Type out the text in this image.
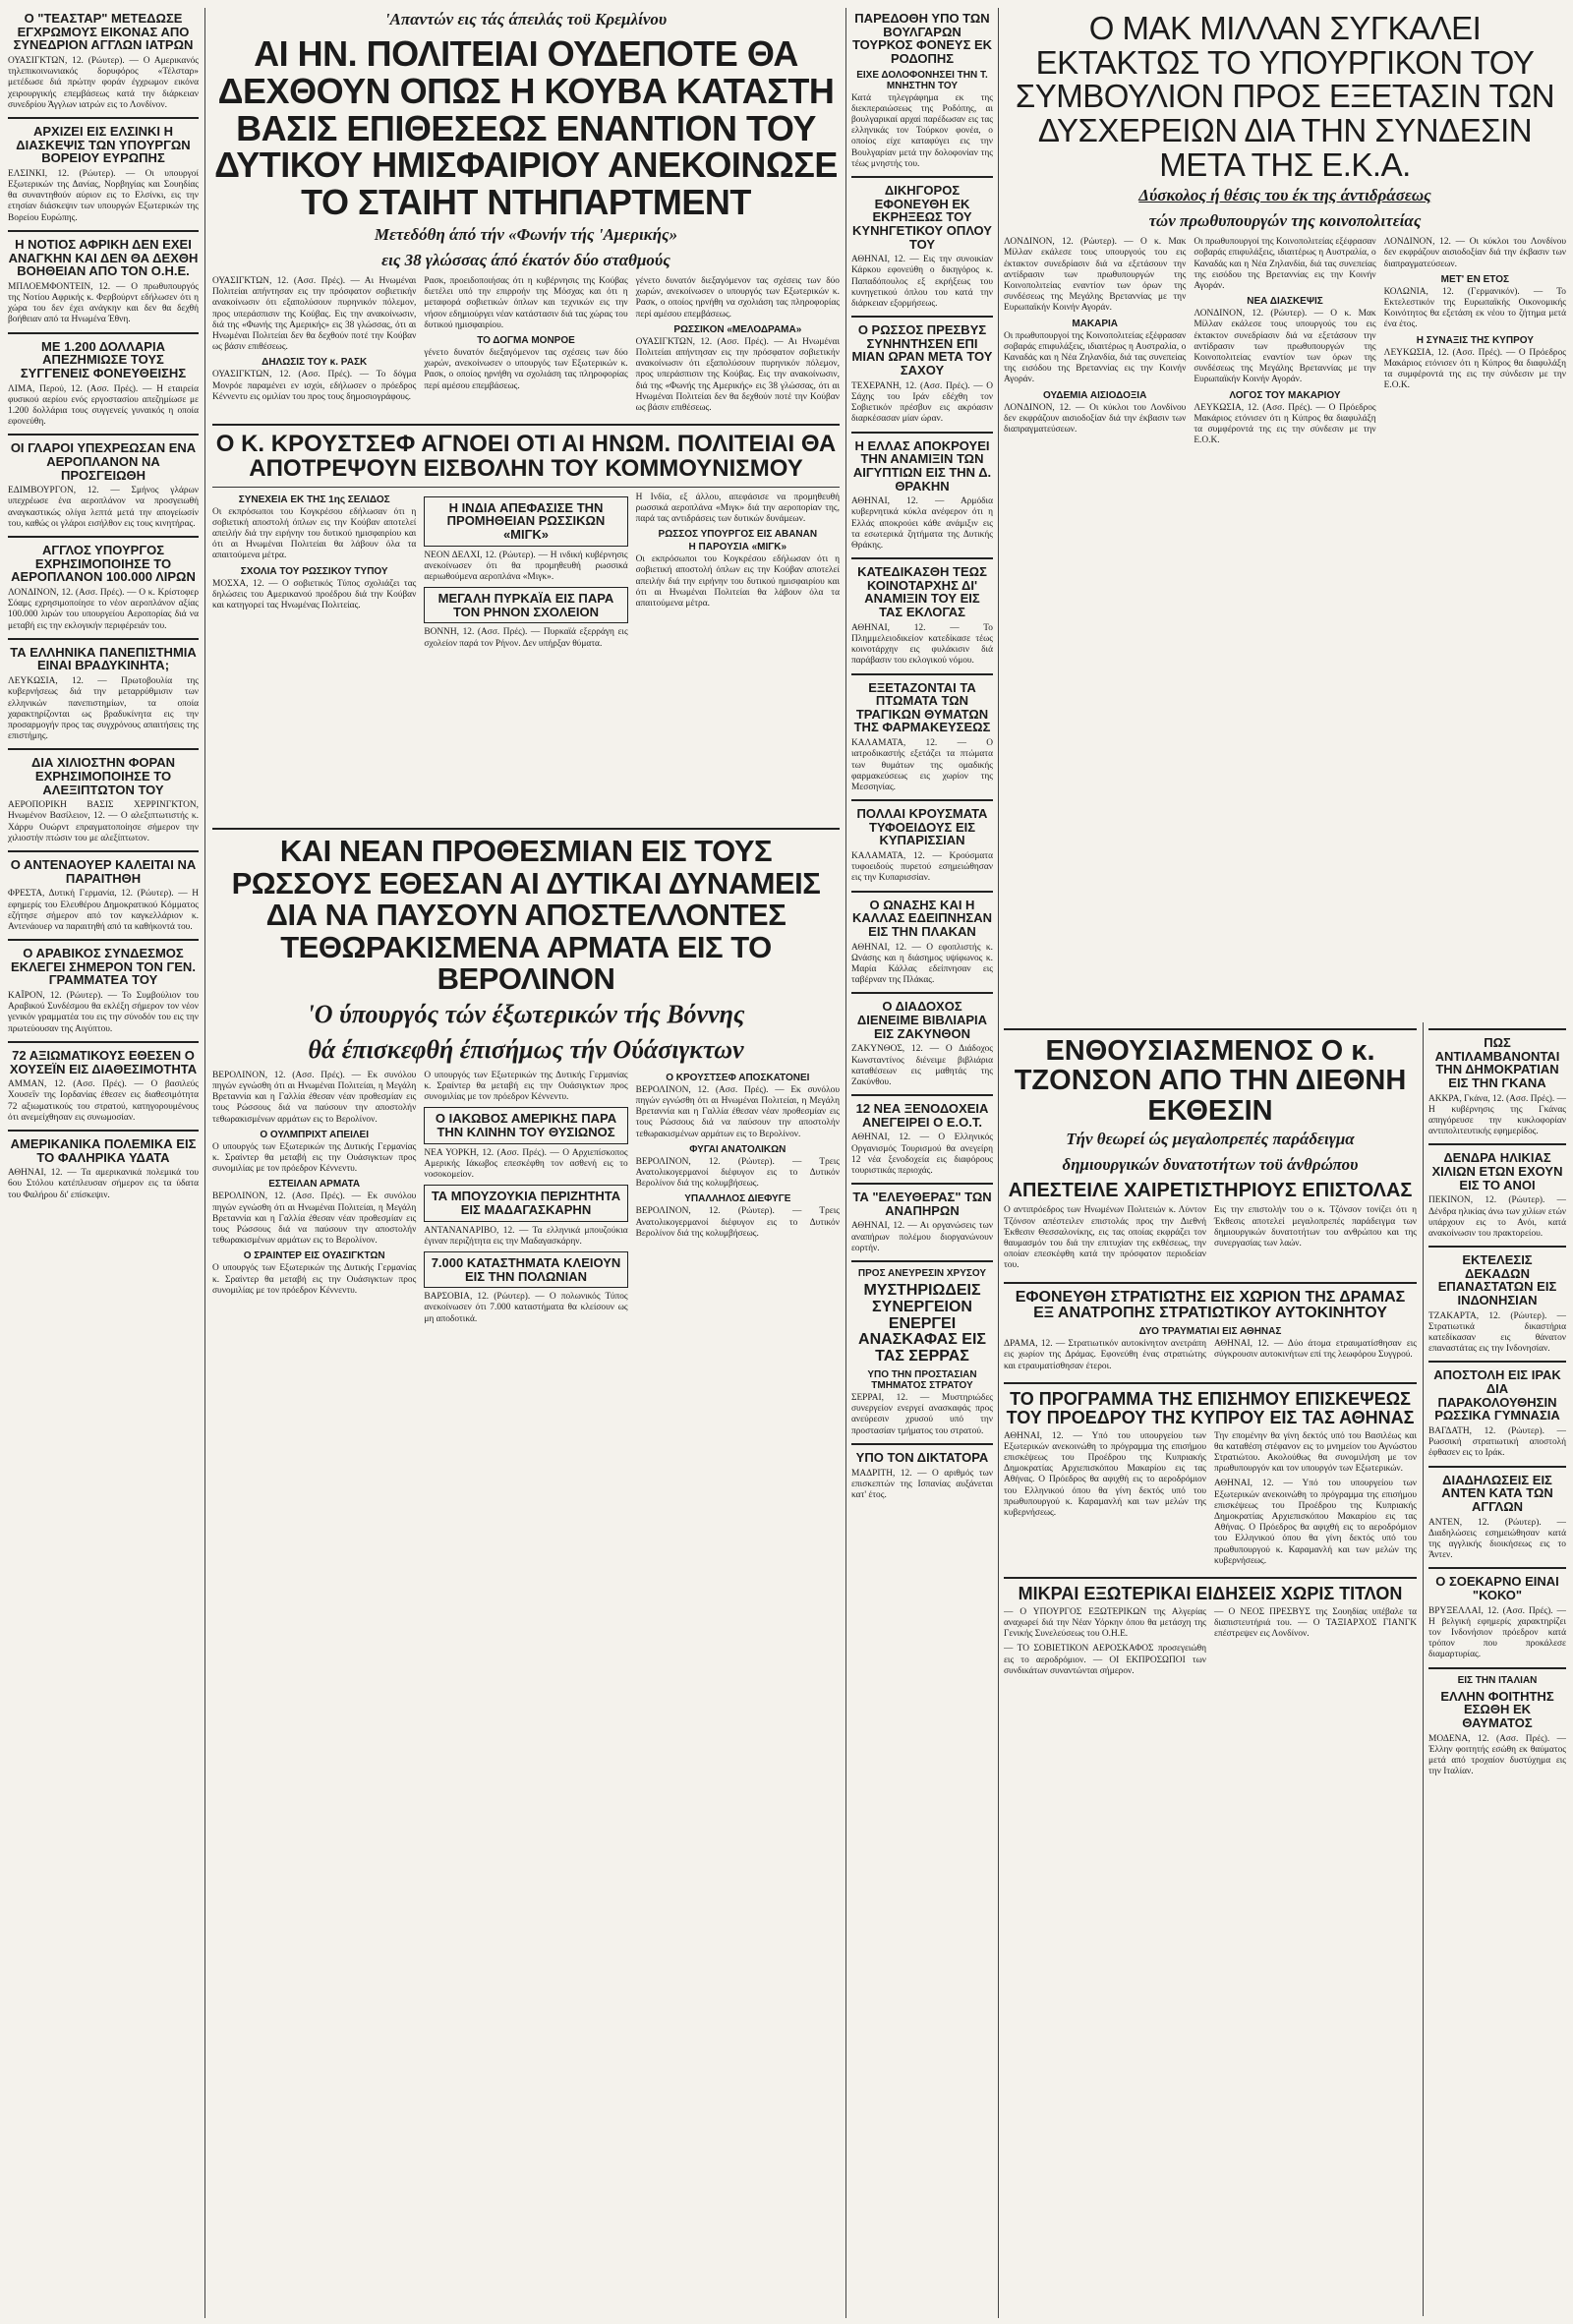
Ο "ΤΕΑΣΤΑΡ" ΜΕΤΕΔΩΣΕ ΕΓΧΡΩΜΟΥΣ ΕΙΚΟΝΑΣ ΑΠΟ ΣΥΝΕΔΡΙΟΝ ΑΓΓΛΩΝ ΙΑΤΡΩΝ

ΟΥΑΣΙΓΚΤΩΝ, 12. (Ρώυτερ). — Ο Αμερικανός τηλεπικοινωνιακός δορυφόρος «Τέλσταρ» μετέδωσε διά πρώτην φοράν έγχρωμον εικόνα χειρουργικής επεμβάσεως κατά την διάρκειαν συνεδρίου Άγγλων ιατρών εις το Λονδίνον.

ΑΡΧΙΖΕΙ ΕΙΣ ΕΛΣΙΝΚΙ Η ΔΙΑΣΚΕΨΙΣ ΤΩΝ ΥΠΟΥΡΓΩΝ ΒΟΡΕΙΟΥ ΕΥΡΩΠΗΣ

ΕΛΣΙΝΚΙ, 12. (Ρώυτερ). — Οι υπουργοί Εξωτερικών της Δανίας, Νορβηγίας και Σουηδίας θα συναντηθούν αύριον εις το Ελσίνκι, εις την ετησίαν διάσκεψιν των υπουργών Εξωτερικών της Βορείου Ευρώπης.

Η ΝΟΤΙΟΣ ΑΦΡΙΚΗ ΔΕΝ ΕΧΕΙ ΑΝΑΓΚΗΝ ΚΑΙ ΔΕΝ ΘΑ ΔΕΧΘΗ ΒΟΗΘΕΙΑΝ ΑΠΟ ΤΟΝ Ο.Η.Ε.

ΜΠΛΟΕΜΦΟΝΤΕΙΝ, 12. — Ο πρωθυπουργός της Νοτίου Αφρικής κ. Φερβούρντ εδήλωσεν ότι η χώρα του δεν έχει ανάγκην και δεν θα δεχθή βοήθειαν από τα Ηνωμένα Έθνη.

ΜΕ 1.200 ΔΟΛΛΑΡΙΑ ΑΠΕΖΗΜΙΩΣΕ ΤΟΥΣ ΣΥΓΓΕΝΕΙΣ ΦΟΝΕΥΘΕΙΣΗΣ

ΛΙΜΑ, Περού, 12. (Ασσ. Πρές). — Η εταιρεία φυσικού αερίου ενός εργοστασίου απεζημίωσε με 1.200 δολλάρια τους συγγενείς γυναικός η οποία εφονεύθη.

ΟΙ ΓΛΑΡΟΙ ΥΠΕΧΡΕΩΣΑΝ ΕΝΑ ΑΕΡΟΠΛΑΝΟΝ ΝΑ ΠΡΟΣΓΕΙΩΘΗ

ΕΔΙΜΒΟΥΡΓΟΝ, 12. — Σμήνος γλάρων υπεχρέωσε ένα αεροπλάνον να προσγειωθή αναγκαστικώς ολίγα λεπτά μετά την απογείωσίν του, καθώς οι γλάροι εισήλθον εις τους κινητήρας.

ΑΓΓΛΟΣ ΥΠΟΥΡΓΟΣ ΕΧΡΗΣΙΜΟΠΟΙΗΣΕ ΤΟ ΑΕΡΟΠΛΑΝΟΝ 100.000 ΛΙΡΩΝ

ΛΟΝΔΙΝΟΝ, 12. (Ασσ. Πρές). — Ο κ. Κρίστοφερ Σόαμς εχρησιμοποίησε το νέον αεροπλάνον αξίας 100.000 λιρών του υπουργείου Αεροπορίας διά να μεταβή εις την εκλογικήν περιφέρειάν του.

ΤΑ ΕΛΛΗΝΙΚΑ ΠΑΝΕΠΙΣΤΗΜΙΑ ΕΙΝΑΙ ΒΡΑΔΥΚΙΝΗΤΑ;

ΛΕΥΚΩΣΙΑ, 12. — Πρωτοβουλία της κυβερνήσεως διά την μεταρρύθμισιν των ελληνικών πανεπιστημίων, τα οποία χαρακτηρίζονται ως βραδυκίνητα εις την προσαρμογήν προς τας συγχρόνους απαιτήσεις της επιστήμης.

ΔΙΑ ΧΙΛΙΟΣΤΗΝ ΦΟΡΑΝ ΕΧΡΗΣΙΜΟΠΟΙΗΣΕ ΤΟ ΑΛΕΞΙΠΤΩΤΟΝ ΤΟΥ

ΑΕΡΟΠΟΡΙΚΗ ΒΑΣΙΣ ΧΕΡΡΙΝΓΚΤΟΝ, Ηνωμένον Βασίλειον, 12. — Ο αλεξιπτωτιστής κ. Χάρρυ Ουώρντ επραγματοποίησε σήμερον την χιλιοστήν πτώσιν του με αλεξίπτωτον.

Ο ΑΝΤΕΝΑΟΥΕΡ ΚΑΛΕΙΤΑΙ ΝΑ ΠΑΡΑΙΤΗΘΗ

ΦΡΕΣΤΑ, Δυτική Γερμανία, 12. (Ρώυτερ). — Η εφημερίς του Ελευθέρου Δημοκρατικού Κόμματος εζήτησε σήμερον από τον καγκελλάριον κ. Αντενάουερ να παραιτηθή από τα καθήκοντά του.

Ο ΑΡΑΒΙΚΟΣ ΣΥΝΔΕΣΜΟΣ ΕΚΛΕΓΕΙ ΣΗΜΕΡΟΝ ΤΟΝ ΓΕΝ. ΓΡΑΜΜΑΤΕΑ ΤΟΥ

ΚΑΪΡΟΝ, 12. (Ρώυτερ). — Το Συμβούλιον του Αραβικού Συνδέσμου θα εκλέξη σήμερον τον νέον γενικόν γραμματέα του εις την σύνοδόν του εις την πρωτεύουσαν της Αιγύπτου.

72 ΑΞΙΩΜΑΤΙΚΟΥΣ ΕΘΕΣΕΝ Ο ΧΟΥΣΕΪΝ ΕΙΣ ΔΙΑΘΕΣΙΜΟΤΗΤΑ

ΑΜΜΑΝ, 12. (Ασσ. Πρές). — Ο βασιλεύς Χουσεΐν της Ιορδανίας έθεσεν εις διαθεσιμότητα 72 αξιωματικούς του στρατού, κατηγορουμένους ότι ανεμείχθησαν εις συνωμοσίαν.

ΑΜΕΡΙΚΑΝΙΚΑ ΠΟΛΕΜΙΚΑ ΕΙΣ ΤΟ ΦΑΛΗΡΙΚΑ ΥΔΑΤΑ

ΑΘΗΝΑΙ, 12. — Τα αμερικανικά πολεμικά του 6ου Στόλου κατέπλευσαν σήμερον εις τα ύδατα του Φαλήρου δι' επίσκεψιν.

'Απαντών εις τάς άπειλάς τοϋ Κρεμλίνου
ΑΙ ΗΝ. ΠΟΛΙΤΕΙΑΙ ΟΥΔΕΠΟΤΕ ΘΑ ΔΕΧΘΟΥΝ ΟΠΩΣ Η ΚΟΥΒΑ ΚΑΤΑΣΤΗ ΒΑΣΙΣ ΕΠΙΘΕΣΕΩΣ ΕΝΑΝΤΙΟΝ ΤΟΥ ΔΥΤΙΚΟΥ ΗΜΙΣΦΑΙΡΙΟΥ ΑΝΕΚΟΙΝΩΣΕ ΤΟ ΣΤΑΙΗΤ ΝΤΗΠΑΡΤΜΕΝΤ
Μετεδόθη άπό τήν «Φωνήν τής 'Αμερικής»
εις 38 γλώσσας άπό έκατόν δύο σταθμούς

ΟΥΑΣΙΓΚΤΩΝ, 12. (Ασσ. Πρές). — Αι Ηνωμέναι Πολιτείαι απήντησαν εις την πρόσφατον σοβιετικήν ανακοίνωσιν ότι εξαπολύσουν πυρηνικόν πόλεμον, προς υπεράσπισιν της Κούβας. Εις την ανακοίνωσιν, διά της «Φωνής της Αμερικής» εις 38 γλώσσας, ότι αι Ηνωμέναι Πολιτείαι δεν θα δεχθούν ποτέ την Κούβαν ως βάσιν επιθέσεως.

ΔΗΛΩΣΙΣ ΤΟΥ κ. ΡΑΣΚ

ΟΥΑΣΙΓΚΤΩΝ, 12. (Ασσ. Πρές). — Το δόγμα Μονρόε παραμένει εν ισχύι, εδήλωσεν ο πρόεδρος Κέννεντυ εις ομιλίαν του προς τους δημοσιογράφους.

Ρασκ, προειδοποιήσας ότι η κυβέρνησις της Κούβας διετέλει υπό την επιρροήν της Μόσχας και ότι η μεταφορά σοβιετικών όπλων και τεχνικών εις την νήσον εδημιούργει νέαν κατάστασιν διά τας χώρας του δυτικού ημισφαιρίου.

ΤΟ ΔΟΓΜΑ ΜΟΝΡΟΕ

γένετο δυνατόν διεξαγόμενον τας σχέσεις των δύο χωρών, ανεκοίνωσεν ο υπουργός των Εξωτερικών κ. Ρασκ, ο οποίος ηρνήθη να σχολιάση τας πληροφορίας περί αμέσου επεμβάσεως.

γένετο δυνατόν διεξαγόμενον τας σχέσεις των δύο χωρών, ανεκοίνωσεν ο υπουργός των Εξωτερικών κ. Ρασκ, ο οποίος ηρνήθη να σχολιάση τας πληροφορίας περί αμέσου επεμβάσεως.

ΡΩΣΣΙΚΟΝ «ΜΕΛΟΔΡΑΜΑ»

ΟΥΑΣΙΓΚΤΩΝ, 12. (Ασσ. Πρές). — Αι Ηνωμέναι Πολιτείαι απήντησαν εις την πρόσφατον σοβιετικήν ανακοίνωσιν ότι εξαπολύσουν πυρηνικόν πόλεμον, προς υπεράσπισιν της Κούβας. Εις την ανακοίνωσιν, διά της «Φωνής της Αμερικής» εις 38 γλώσσας, ότι αι Ηνωμέναι Πολιτείαι δεν θα δεχθούν ποτέ την Κούβαν ως βάσιν επιθέσεως.

Ο Κ. ΚΡΟΥΣΤΣΕΦ ΑΓΝΟΕΙ ΟΤΙ ΑΙ ΗΝΩΜ. ΠΟΛΙΤΕΙΑΙ ΘΑ ΑΠΟΤΡΕΨΟΥΝ ΕΙΣΒΟΛΗΝ ΤΟΥ ΚΟΜΜΟΥΝΙΣΜΟΥ
ΣΥΝΕΧΕΙΑ ΕΚ ΤΗΣ 1ης ΣΕΛΙΔΟΣ

Οι εκπρόσωποι του Κογκρέσου εδήλωσαν ότι η σοβιετική αποστολή όπλων εις την Κούβαν αποτελεί απειλήν διά την ειρήνην του δυτικού ημισφαιρίου και ότι αι Ηνωμέναι Πολιτείαι θα λάβουν όλα τα απαιτούμενα μέτρα.

ΣΧΟΛΙΑ ΤΟΥ ΡΩΣΣΙΚΟΥ ΤΥΠΟΥ

ΜΟΣΧΑ, 12. — Ο σοβιετικός Τύπος σχολιάζει τας δηλώσεις του Αμερικανού προέδρου διά την Κούβαν και κατηγορεί τας Ηνωμένας Πολιτείας.

Η ΙΝΔΙΑ ΑΠΕΦΑΣΙΣΕ ΤΗΝ ΠΡΟΜΗΘΕΙΑΝ ΡΩΣΣΙΚΩΝ «ΜΙΓΚ»

ΝΕΟΝ ΔΕΛΧΙ, 12. (Ρώυτερ). — Η ινδική κυβέρνησις ανεκοίνωσεν ότι θα προμηθευθή ρωσσικά αεριωθούμενα αεροπλάνα «Μιγκ».

ΜΕΓΑΛΗ ΠΥΡΚΑΪΑ ΕΙΣ ΠΑΡΑ ΤΟΝ ΡΗΝΟΝ ΣΧΟΛΕΙΟΝ

ΒΟΝΝΗ, 12. (Ασσ. Πρές). — Πυρκαϊά εξερράγη εις σχολείον παρά τον Ρήνον. Δεν υπήρξαν θύματα.

Η Ινδία, εξ άλλου, απεφάσισε να προμηθευθή ρωσσικά αεροπλάνα «Μιγκ» διά την αεροπορίαν της, παρά τας αντιδράσεις των δυτικών δυνάμεων.

ΡΩΣΣΟΣ ΥΠΟΥΡΓΟΣ ΕΙΣ ΑΒΑΝΑΝ
Η ΠΑΡΟΥΣΙΑ «ΜΙΓΚ»

Οι εκπρόσωποι του Κογκρέσου εδήλωσαν ότι η σοβιετική αποστολή όπλων εις την Κούβαν αποτελεί απειλήν διά την ειρήνην του δυτικού ημισφαιρίου και ότι αι Ηνωμέναι Πολιτείαι θα λάβουν όλα τα απαιτούμενα μέτρα.

ΚΑΙ ΝΕΑΝ ΠΡΟΘΕΣΜΙΑΝ ΕΙΣ ΤΟΥΣ ΡΩΣΣΟΥΣ ΕΘΕΣΑΝ ΑΙ ΔΥΤΙΚΑΙ ΔΥΝΑΜΕΙΣ ΔΙΑ ΝΑ ΠΑΥΣΟΥΝ ΑΠΟΣΤΕΛΛΟΝΤΕΣ ΤΕΘΩΡΑΚΙΣΜΕΝΑ ΑΡΜΑΤΑ ΕΙΣ ΤΟ ΒΕΡΟΛΙΝΟΝ
'Ο ύπουργός τών έξωτερικών τής Βόννης
θά έπισκεφθή έπισήμως τήν Ούάσιγκτων

ΒΕΡΟΛΙΝΟΝ, 12. (Ασσ. Πρές). — Εκ συνόλου πηγών εγνώσθη ότι αι Ηνωμέναι Πολιτείαι, η Μεγάλη Βρεταννία και η Γαλλία έθεσαν νέαν προθεσμίαν εις τους Ρώσσους διά να παύσουν την αποστολήν τεθωρακισμένων αρμάτων εις το Βερολίνον.

Ο ΟΥΛΜΠΡΙΧΤ ΑΠΕΙΛΕΙ

Ο υπουργός των Εξωτερικών της Δυτικής Γερμανίας κ. Σραίντερ θα μεταβή εις την Ουάσιγκτων προς συνομιλίας με τον πρόεδρον Κέννεντυ.

ΕΣΤΕΙΛΑΝ ΑΡΜΑΤΑ

ΒΕΡΟΛΙΝΟΝ, 12. (Ασσ. Πρές). — Εκ συνόλου πηγών εγνώσθη ότι αι Ηνωμέναι Πολιτείαι, η Μεγάλη Βρεταννία και η Γαλλία έθεσαν νέαν προθεσμίαν εις τους Ρώσσους διά να παύσουν την αποστολήν τεθωρακισμένων αρμάτων εις το Βερολίνον.

Ο ΣΡΑΙΝΤΕΡ ΕΙΣ ΟΥΑΣΙΓΚΤΩΝ

Ο υπουργός των Εξωτερικών της Δυτικής Γερμανίας κ. Σραίντερ θα μεταβή εις την Ουάσιγκτων προς συνομιλίας με τον πρόεδρον Κέννεντυ.

Ο υπουργός των Εξωτερικών της Δυτικής Γερμανίας κ. Σραίντερ θα μεταβή εις την Ουάσιγκτων προς συνομιλίας με τον πρόεδρον Κέννεντυ.

Ο ΙΑΚΩΒΟΣ ΑΜΕΡΙΚΗΣ ΠΑΡΑ ΤΗΝ ΚΛΙΝΗΝ ΤΟΥ ΘΥΣΙΩΝΟΣ

ΝΕΑ ΥΟΡΚΗ, 12. (Ασσ. Πρές). — Ο Αρχιεπίσκοπος Αμερικής Ιάκωβος επεσκέφθη τον ασθενή εις το νοσοκομείον.

ΤΑ ΜΠΟΥΖΟΥΚΙΑ ΠΕΡΙΖΗΤΗΤΑ ΕΙΣ ΜΑΔΑΓΑΣΚΑΡΗΝ

ΑΝΤΑΝΑΝΑΡΙΒΟ, 12. — Τα ελληνικά μπουζούκια έγιναν περιζήτητα εις την Μαδαγασκάρην.

7.000 ΚΑΤΑΣΤΗΜΑΤΑ ΚΛΕΙΟΥΝ ΕΙΣ ΤΗΝ ΠΟΛΩΝΙΑΝ

ΒΑΡΣΟΒΙΑ, 12. (Ρώυτερ). — Ο πολωνικός Τύπος ανεκοίνωσεν ότι 7.000 καταστήματα θα κλείσουν ως μη αποδοτικά.

Ο ΚΡΟΥΣΤΣΕΦ ΑΠΟΣΚΑΤΟΝΕΙ

ΒΕΡΟΛΙΝΟΝ, 12. (Ασσ. Πρές). — Εκ συνόλου πηγών εγνώσθη ότι αι Ηνωμέναι Πολιτείαι, η Μεγάλη Βρεταννία και η Γαλλία έθεσαν νέαν προθεσμίαν εις τους Ρώσσους διά να παύσουν την αποστολήν τεθωρακισμένων αρμάτων εις το Βερολίνον.

ΦΥΓΑΙ ΑΝΑΤΟΛΙΚΩΝ

ΒΕΡΟΛΙΝΟΝ, 12. (Ρώυτερ). — Τρεις Ανατολικογερμανοί διέφυγον εις το Δυτικόν Βερολίνον διά της κολυμβήσεως.

ΥΠΑΛΛΗΛΟΣ ΔΙΕΦΥΓΕ

ΒΕΡΟΛΙΝΟΝ, 12. (Ρώυτερ). — Τρεις Ανατολικογερμανοί διέφυγον εις το Δυτικόν Βερολίνον διά της κολυμβήσεως.

ΠΑΡΕΔΟΘΗ ΥΠΟ ΤΩΝ ΒΟΥΛΓΑΡΩΝ ΤΟΥΡΚΟΣ ΦΟΝΕΥΣ ΕΚ ΡΟΔΟΠΗΣ
ΕΙΧΕ ΔΟΛΟΦΟΝΗΣΕΙ ΤΗΝ Τ. ΜΝΗΣΤΗΝ ΤΟΥ

Κατά τηλεγράφημα εκ της διεκπεραιώσεως της Ροδόπης, αι βουλγαρικαί αρχαί παρέδωσαν εις τας ελληνικάς τον Τούρκον φονέα, ο οποίος είχε καταφύγει εις την Βουλγαρίαν μετά την δολοφονίαν της τέως μνηστής του.

ΔΙΚΗΓΟΡΟΣ ΕΦΟΝΕΥΘΗ ΕΚ ΕΚΡΗΞΕΩΣ ΤΟΥ ΚΥΝΗΓΕΤΙΚΟΥ ΟΠΛΟΥ ΤΟΥ

ΑΘΗΝΑΙ, 12. — Εις την συνοικίαν Κάρκου εφονεύθη ο δικηγόρος κ. Παπαδόπουλος εξ εκρήξεως του κυνηγετικού όπλου του κατά την διάρκειαν εξορμήσεως.

Ο ΡΩΣΣΟΣ ΠΡΕΣΒΥΣ ΣΥΝΗΝΤΗΣΕΝ ΕΠΙ ΜΙΑΝ ΩΡΑΝ ΜΕΤΑ ΤΟΥ ΣΑΧΟΥ

ΤΕΧΕΡΑΝΗ, 12. (Ασσ. Πρές). — Ο Σάχης του Ιράν εδέχθη τον Σοβιετικόν πρέσβυν εις ακρόασιν διαρκέσασαν μίαν ώραν.

Η ΕΛΛΑΣ ΑΠΟΚΡΟΥΕΙ ΤΗΝ ΑΝΑΜΙΞΙΝ ΤΩΝ ΑΙΓΥΠΤΙΩΝ ΕΙΣ ΤΗΝ Δ. ΘΡΑΚΗΝ

ΑΘΗΝΑΙ, 12. — Αρμόδια κυβερνητικά κύκλα ανέφερον ότι η Ελλάς αποκρούει κάθε ανάμιξιν εις τα εσωτερικά ζητήματα της Δυτικής Θράκης.

ΚΑΤΕΔΙΚΑΣΘΗ ΤΕΩΣ ΚΟΙΝΟΤΑΡΧΗΣ ΔΙ' ΑΝΑΜΙΞΙΝ ΤΟΥ ΕΙΣ ΤΑΣ ΕΚΛΟΓΑΣ

ΑΘΗΝΑΙ, 12. — Το Πλημμελειοδικείον κατεδίκασε τέως κοινοτάρχην εις φυλάκισιν διά παράβασιν του εκλογικού νόμου.

ΕΞΕΤΑΖΟΝΤΑΙ ΤΑ ΠΤΩΜΑΤΑ ΤΩΝ ΤΡΑΓΙΚΩΝ ΘΥΜΑΤΩΝ ΤΗΣ ΦΑΡΜΑΚΕΥΣΕΩΣ

ΚΑΛΑΜΑΤΑ, 12. — Ο ιατροδικαστής εξετάζει τα πτώματα των θυμάτων της ομαδικής φαρμακεύσεως εις χωρίον της Μεσσηνίας.

ΠΟΛΛΑΙ ΚΡΟΥΣΜΑΤΑ ΤΥΦΟΕΙΔΟΥΣ ΕΙΣ ΚΥΠΑΡΙΣΣΙΑΝ

ΚΑΛΑΜΑΤΑ, 12. — Κρούσματα τυφοειδούς πυρετού εσημειώθησαν εις την Κυπαρισσίαν.

Ο ΩΝΑΣΗΣ ΚΑΙ Η ΚΑΛΛΑΣ ΕΔΕΙΠΝΗΣΑΝ ΕΙΣ ΤΗΝ ΠΛΑΚΑΝ

ΑΘΗΝΑΙ, 12. — Ο εφοπλιστής κ. Ωνάσης και η διάσημος υψίφωνος κ. Μαρία Κάλλας εδείπνησαν εις ταβέρναν της Πλάκας.

Ο ΔΙΑΔΟΧΟΣ ΔΙΕΝΕΙΜΕ ΒΙΒΛΙΑΡΙΑ ΕΙΣ ΖΑΚΥΝΘΟΝ

ΖΑΚΥΝΘΟΣ, 12. — Ο Διάδοχος Κωνσταντίνος διένειμε βιβλιάρια καταθέσεων εις μαθητάς της Ζακύνθου.

12 ΝΕΑ ΞΕΝΟΔΟΧΕΙΑ ΑΝΕΓΕΙΡΕΙ Ο Ε.Ο.Τ.

ΑΘΗΝΑΙ, 12. — Ο Ελληνικός Οργανισμός Τουρισμού θα ανεγείρη 12 νέα ξενοδοχεία εις διαφόρους τουριστικάς περιοχάς.

ΤΑ "ΕΛΕΥΘΕΡΑΣ" ΤΩΝ ΑΝΑΠΗΡΩΝ

ΑΘΗΝΑΙ, 12. — Αι οργανώσεις των αναπήρων πολέμου διοργανώνουν εορτήν.

ΠΡΟΣ ΑΝΕΥΡΕΣΙΝ ΧΡΥΣΟΥ
ΜΥΣΤΗΡΙΩΔΕΙΣ ΣΥΝΕΡΓΕΙΟΝ ΕΝΕΡΓΕΙ ΑΝΑΣΚΑΦΑΣ ΕΙΣ ΤΑΣ ΣΕΡΡΑΣ
ΥΠΟ ΤΗΝ ΠΡΟΣΤΑΣΙΑΝ ΤΜΗΜΑΤΟΣ ΣΤΡΑΤΟΥ

ΣΕΡΡΑΙ, 12. — Μυστηριώδες συνεργείον ενεργεί ανασκαφάς προς ανεύρεσιν χρυσού υπό την προστασίαν τμήματος του στρατού.

ΥΠΟ ΤΟΝ ΔΙΚΤΑΤΟΡΑ

ΜΑΔΡΙΤΗ, 12. — Ο αριθμός των επισκεπτών της Ισπανίας αυξάνεται κατ' έτος.

Ο ΜΑΚ ΜΙΛΛΑΝ ΣΥΓΚΑΛΕΙ ΕΚΤΑΚΤΩΣ ΤΟ ΥΠΟΥΡΓΙΚΟΝ ΤΟΥ ΣΥΜΒΟΥΛΙΟΝ ΠΡΟΣ ΕΞΕΤΑΣΙΝ ΤΩΝ ΔΥΣΧΕΡΕΙΩΝ ΔΙΑ ΤΗΝ ΣΥΝΔΕΣΙΝ ΜΕΤΑ ΤΗΣ Ε.Κ.Α.
Δύσκολος ή θέσις του έκ της άντιδράσεως
τών πρωθυπουργών της κοινοπολιτείας

ΛΟΝΔΙΝΟΝ, 12. (Ρώυτερ). — Ο κ. Μακ Μίλλαν εκάλεσε τους υπουργούς του εις έκτακτον συνεδρίασιν διά να εξετάσουν την αντίδρασιν των πρωθυπουργών της Κοινοπολιτείας εναντίον των όρων της συνδέσεως της Μεγάλης Βρεταννίας με την Ευρωπαϊκήν Κοινήν Αγοράν.

ΜΑΚΑΡΙΑ

Οι πρωθυπουργοί της Κοινοπολιτείας εξέφρασαν σοβαράς επιφυλάξεις, ιδιαιτέρως η Αυστραλία, ο Καναδάς και η Νέα Ζηλανδία, διά τας συνεπείας της εισόδου της Βρεταννίας εις την Κοινήν Αγοράν.

ΟΥΔΕΜΙΑ ΑΙΣΙΟΔΟΞΙΑ

ΛΟΝΔΙΝΟΝ, 12. — Οι κύκλοι του Λονδίνου δεν εκφράζουν αισιοδοξίαν διά την έκβασιν των διαπραγματεύσεων.

Οι πρωθυπουργοί της Κοινοπολιτείας εξέφρασαν σοβαράς επιφυλάξεις, ιδιαιτέρως η Αυστραλία, ο Καναδάς και η Νέα Ζηλανδία, διά τας συνεπείας της εισόδου της Βρεταννίας εις την Κοινήν Αγοράν.

ΝΕΑ ΔΙΑΣΚΕΨΙΣ

ΛΟΝΔΙΝΟΝ, 12. (Ρώυτερ). — Ο κ. Μακ Μίλλαν εκάλεσε τους υπουργούς του εις έκτακτον συνεδρίασιν διά να εξετάσουν την αντίδρασιν των πρωθυπουργών της Κοινοπολιτείας εναντίον των όρων της συνδέσεως της Μεγάλης Βρεταννίας με την Ευρωπαϊκήν Κοινήν Αγοράν.

ΛΟΓΟΣ ΤΟΥ ΜΑΚΑΡΙΟΥ

ΛΕΥΚΩΣΙΑ, 12. (Ασσ. Πρές). — Ο Πρόεδρος Μακάριος ετόνισεν ότι η Κύπρος θα διαφυλάξη τα συμφέροντά της εις την σύνδεσιν με την Ε.Ο.Κ.

ΛΟΝΔΙΝΟΝ, 12. — Οι κύκλοι του Λονδίνου δεν εκφράζουν αισιοδοξίαν διά την έκβασιν των διαπραγματεύσεων.

ΜΕΤ' ΕΝ ΕΤΟΣ

ΚΟΛΩΝΙΑ, 12. (Γερμανικόν). — Το Εκτελεστικόν της Ευρωπαϊκής Οικονομικής Κοινότητος θα εξετάση εκ νέου το ζήτημα μετά ένα έτος.

Η ΣΥΝΑΞΙΣ ΤΗΣ ΚΥΠΡΟΥ

ΛΕΥΚΩΣΙΑ, 12. (Ασσ. Πρές). — Ο Πρόεδρος Μακάριος ετόνισεν ότι η Κύπρος θα διαφυλάξη τα συμφέροντά της εις την σύνδεσιν με την Ε.Ο.Κ.

ΕΝΘΟΥΣΙΑΣΜΕΝΟΣ Ο κ. ΤΖΟΝΣΟΝ ΑΠΟ ΤΗΝ ΔΙΕΘΝΗ ΕΚΘΕΣΙΝ
Τήν θεωρεί ώς μεγαλοπρεπές παράδειγμα
δημιουργικών δυνατοτήτων τοϋ άνθρώπου
ΑΠΕΣΤΕΙΛΕ ΧΑΙΡΕΤΙΣΤΗΡΙΟΥΣ ΕΠΙΣΤΟΛΑΣ

Ο αντιπρόεδρος των Ηνωμένων Πολιτειών κ. Λύντον Τζόνσον απέστειλεν επιστολάς προς την Διεθνή Έκθεσιν Θεσσαλονίκης, εις τας οποίας εκφράζει τον θαυμασμόν του διά την επιτυχίαν της εκθέσεως, την οποίαν επεσκέφθη κατά την πρόσφατον περιοδείαν του.

Εις την επιστολήν του ο κ. Τζόνσον τονίζει ότι η Έκθεσις αποτελεί μεγαλοπρεπές παράδειγμα των δημιουργικών δυνατοτήτων του ανθρώπου και της συνεργασίας των λαών.

ΕΦΟΝΕΥΘΗ ΣΤΡΑΤΙΩΤΗΣ ΕΙΣ ΧΩΡΙΟΝ ΤΗΣ ΔΡΑΜΑΣ ΕΞ ΑΝΑΤΡΟΠΗΣ ΣΤΡΑΤΙΩΤΙΚΟΥ ΑΥΤΟΚΙΝΗΤΟΥ
ΔΥΟ ΤΡΑΥΜΑΤΙΑΙ ΕΙΣ ΑΘΗΝΑΣ

ΔΡΑΜΑ, 12. — Στρατιωτικόν αυτοκίνητον ανετράπη εις χωρίον της Δράμας. Εφονεύθη ένας στρατιώτης και ετραυματίσθησαν έτεροι.

ΑΘΗΝΑΙ, 12. — Δύο άτομα ετραυματίσθησαν εις σύγκρουσιν αυτοκινήτων επί της λεωφόρου Συγγρού.

ΤΟ ΠΡΟΓΡΑΜΜΑ ΤΗΣ ΕΠΙΣΗΜΟΥ ΕΠΙΣΚΕΨΕΩΣ ΤΟΥ ΠΡΟΕΔΡΟΥ ΤΗΣ ΚΥΠΡΟΥ ΕΙΣ ΤΑΣ ΑΘΗΝΑΣ

ΑΘΗΝΑΙ, 12. — Υπό του υπουργείου των Εξωτερικών ανεκοινώθη το πρόγραμμα της επισήμου επισκέψεως του Προέδρου της Κυπριακής Δημοκρατίας Αρχιεπισκόπου Μακαρίου εις τας Αθήνας. Ο Πρόεδρος θα αφιχθή εις το αεροδρόμιον του Ελληνικού όπου θα γίνη δεκτός υπό του πρωθυπουργού κ. Καραμανλή και των μελών της κυβερνήσεως.

Την επομένην θα γίνη δεκτός υπό του Βασιλέως και θα καταθέση στέφανον εις το μνημείον του Αγνώστου Στρατιώτου. Ακολούθως θα συνομιλήση με τον πρωθυπουργόν και τον υπουργόν των Εξωτερικών.

ΑΘΗΝΑΙ, 12. — Υπό του υπουργείου των Εξωτερικών ανεκοινώθη το πρόγραμμα της επισήμου επισκέψεως του Προέδρου της Κυπριακής Δημοκρατίας Αρχιεπισκόπου Μακαρίου εις τας Αθήνας. Ο Πρόεδρος θα αφιχθή εις το αεροδρόμιον του Ελληνικού όπου θα γίνη δεκτός υπό του πρωθυπουργού κ. Καραμανλή και των μελών της κυβερνήσεως.

ΜΙΚΡΑΙ ΕΞΩΤΕΡΙΚΑΙ ΕΙΔΗΣΕΙΣ ΧΩΡΙΣ ΤΙΤΛΟΝ

— Ο ΥΠΟΥΡΓΟΣ ΕΞΩΤΕΡΙΚΩΝ της Αλγερίας αναχωρεί διά την Νέαν Υόρκην όπου θα μετάσχη της Γενικής Συνελεύσεως του Ο.Η.Ε.

— ΤΟ ΣΟΒΙΕΤΙΚΟΝ ΑΕΡΟΣΚΑΦΟΣ προσεγειώθη εις το αεροδρόμιον. — ΟΙ ΕΚΠΡΟΣΩΠΟΙ των συνδικάτων συναντώνται σήμερον.

— Ο ΝΕΟΣ ΠΡΕΣΒΥΣ της Σουηδίας υπέβαλε τα διαπιστευτήριά του. — Ο ΤΑΞΙΑΡΧΟΣ ΓΙΑΝΓΚ επέστρεψεν εις Λονδίνον.

ΠΩΣ ΑΝΤΙΛΑΜΒΑΝΟΝΤΑΙ ΤΗΝ ΔΗΜΟΚΡΑΤΙΑΝ ΕΙΣ ΤΗΝ ΓΚΑΝΑ

ΑΚΚΡΑ, Γκάνα, 12. (Ασσ. Πρές). — Η κυβέρνησις της Γκάνας απηγόρευσε την κυκλοφορίαν αντιπολιτευτικής εφημερίδος.

ΔΕΝΔΡΑ ΗΛΙΚΙΑΣ ΧΙΛΙΩΝ ΕΤΩΝ ΕΧΟΥΝ ΕΙΣ ΤΟ ΑΝΟΙ

ΠΕΚΙΝΟΝ, 12. (Ρώυτερ). — Δένδρα ηλικίας άνω των χιλίων ετών υπάρχουν εις το Ανόι, κατά ανακοίνωσιν του πρακτορείου.

ΕΚΤΕΛΕΣΙΣ ΔΕΚΑΔΩΝ ΕΠΑΝΑΣΤΑΤΩΝ ΕΙΣ ΙΝΔΟΝΗΣΙΑΝ

ΤΖΑΚΑΡΤΑ, 12. (Ρώυτερ). — Στρατιωτικά δικαστήρια κατεδίκασαν εις θάνατον επαναστάτας εις την Ινδονησίαν.

ΑΠΟΣΤΟΛΗ ΕΙΣ ΙΡΑΚ ΔΙΑ ΠΑΡΑΚΟΛΟΥΘΗΣΙΝ ΡΩΣΣΙΚΑ ΓΥΜΝΑΣΙΑ

ΒΑΓΔΑΤΗ, 12. (Ρώυτερ). — Ρωσσική στρατιωτική αποστολή έφθασεν εις το Ιράκ.

ΔΙΑΔΗΛΩΣΕΙΣ ΕΙΣ ΑΝΤΕΝ ΚΑΤΑ ΤΩΝ ΑΓΓΛΩΝ

ΑΝΤΕΝ, 12. (Ρώυτερ). — Διαδηλώσεις εσημειώθησαν κατά της αγγλικής διοικήσεως εις το Άντεν.

Ο ΣΟΕΚΑΡΝΟ ΕΙΝΑΙ "ΚΟΚΟ"

ΒΡΥΞΕΛΛΑΙ, 12. (Ασσ. Πρές). — Η βελγική εφημερίς χαρακτηρίζει τον Ινδονήσιον πρόεδρον κατά τρόπον που προκάλεσε διαμαρτυρίας.

ΕΙΣ ΤΗΝ ΙΤΑΛΙΑΝ
ΕΛΛΗΝ ΦΟΙΤΗΤΗΣ ΕΣΩΘΗ ΕΚ ΘΑΥΜΑΤΟΣ

ΜΟΔΕΝΑ, 12. (Ασσ. Πρές). — Έλλην φοιτητής εσώθη εκ θαύματος μετά από τροχαίον δυστύχημα εις την Ιταλίαν.
